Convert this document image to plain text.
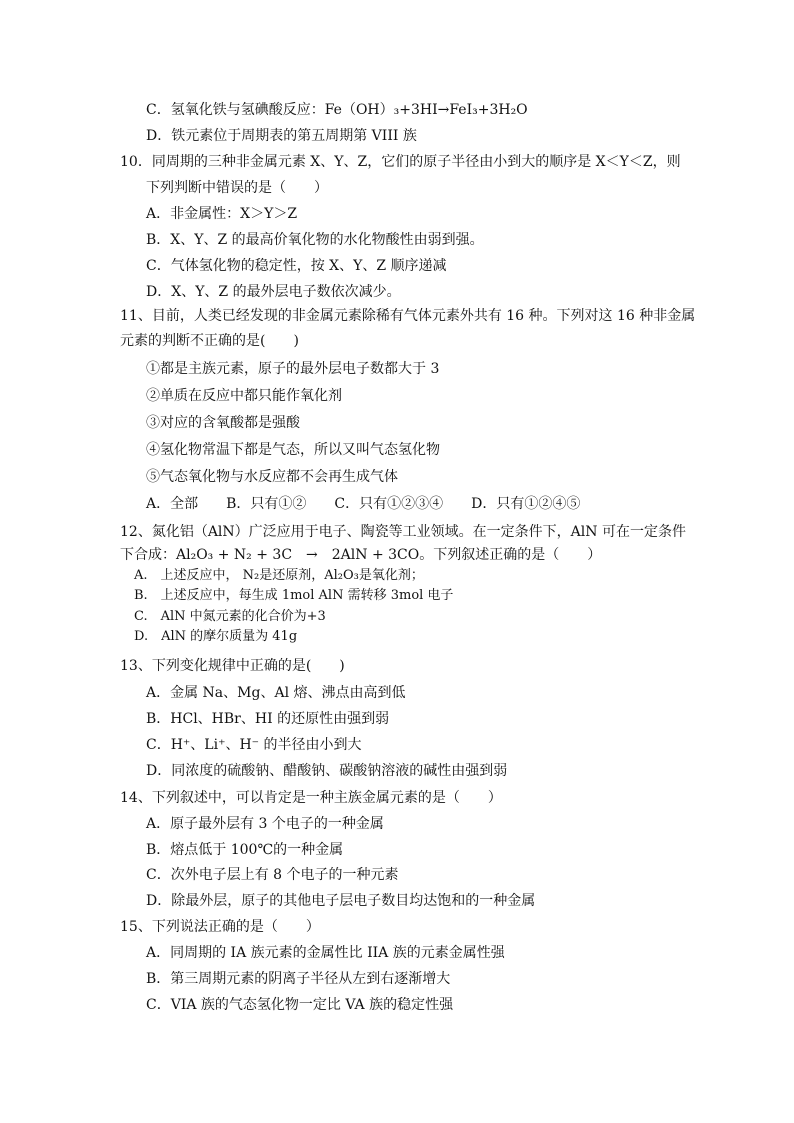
C．氢氧化铁与氢碘酸反应：Fe（OH）₃+3HI→FeI₃+3H₂O
D．铁元素位于周期表的第五周期第 VIII 族
10．同周期的三种非金属元素 X、Y、Z，它们的原子半径由小到大的顺序是 X＜Y＜Z，则
下列判断中错误的是（　　）
A．非金属性：X＞Y＞Z
B．X、Y、Z 的最高价氧化物的水化物酸性由弱到强。
C．气体氢化物的稳定性，按 X、Y、Z 顺序递减
D．X、Y、Z 的最外层电子数依次减少。
11、目前，人类已经发现的非金属元素除稀有气体元素外共有 16 种。下列对这 16 种非金属
元素的判断不正确的是(　　)
①都是主族元素，原子的最外层电子数都大于 3
②单质在反应中都只能作氧化剂
③对应的含氧酸都是强酸
④氢化物常温下都是气态，所以又叫气态氢化物
⑤气态氧化物与水反应都不会再生成气体
A．全部　　B．只有①②　　C．只有①②③④　　D．只有①②④⑤
12、氮化铝（AlN）广泛应用于电子、陶瓷等工业领域。在一定条件下，AlN 可在一定条件
下合成：Al₂O₃ + N₂ + 3C　→　2AlN + 3CO。下列叙述正确的是（　　）
A.　上述反应中， N₂是还原剂，Al₂O₃是氧化剂；
B.　上述反应中，每生成 1mol AlN 需转移 3mol 电子
C.　AlN 中氮元素的化合价为+3
D.　AlN 的摩尔质量为 41g
13、下列变化规律中正确的是(　　)
A．金属 Na、Mg、Al 熔、沸点由高到低
B．HCl、HBr、HI 的还原性由强到弱
C．H⁺、Li⁺、H⁻ 的半径由小到大
D．同浓度的硫酸钠、醋酸钠、碳酸钠溶液的碱性由强到弱
14、下列叙述中，可以肯定是一种主族金属元素的是（　　）
A．原子最外层有 3 个电子的一种金属
B．熔点低于 100℃的一种金属
C．次外电子层上有 8 个电子的一种元素
D．除最外层，原子的其他电子层电子数目均达饱和的一种金属
15、下列说法正确的是（　　）
A．同周期的 IA 族元素的金属性比 IIA 族的元素金属性强
B．第三周期元素的阴离子半径从左到右逐渐增大
C．VIA 族的气态氢化物一定比 VA 族的稳定性强
